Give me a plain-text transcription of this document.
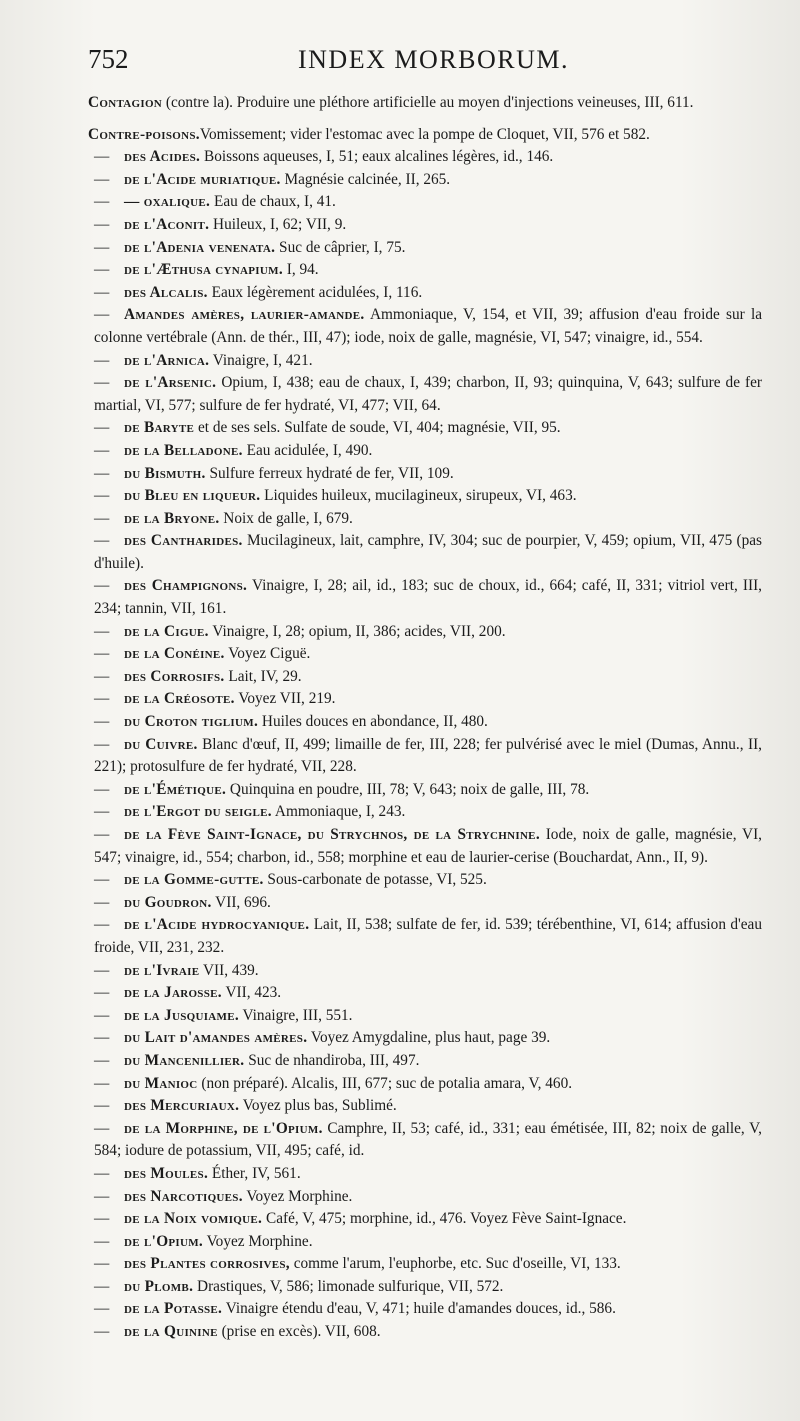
752	INDEX MORBORUM.

Contagion (contre la). Produire une pléthore artificielle au moyen d'injections veineuses, III, 611.

Contre-poisons.Vomissement; vider l'estomac avec la pompe de Cloquet, VII, 576 et 582.

— des Acides. Boissons aqueuses, I, 51; eaux alcalines légères, id., 146.

— de l'Acide muriatique. Magnésie calcinée, II, 265.

— — oxalique. Eau de chaux, I, 41.

— de l'Aconit. Huileux, I, 62; VII, 9.

— de l'Adenia venenata. Suc de câprier, I, 75.

— de l'Æthusa cynapium. I, 94.

— des Alcalis. Eaux légèrement acidulées, I, 116.

— Amandes amères, laurier-amande. Ammoniaque, V, 154, et VII, 39; affusion d'eau froide sur la colonne vertébrale (Ann. de thér., III, 47); iode, noix de galle, magnésie, VI, 547; vinaigre, id., 554.

— de l'Arnica. Vinaigre, I, 421.

— de l'Arsenic. Opium, I, 438; eau de chaux, I, 439; charbon, II, 93; quinquina, V, 643; sulfure de fer martial, VI, 577; sulfure de fer hydraté, VI, 477; VII, 64.

— de Baryte et de ses sels. Sulfate de soude, VI, 404; magnésie, VII, 95.

— de la Belladone. Eau acidulée, I, 490.

— du Bismuth. Sulfure ferreux hydraté de fer, VII, 109.

— du Bleu en liqueur. Liquides huileux, mucilagineux, sirupeux, VI, 463.

— de la Bryone. Noix de galle, I, 679.

— des Cantharides. Mucilagineux, lait, camphre, IV, 304; suc de pourpier, V, 459; opium, VII, 475 (pas d'huile).

— des Champignons. Vinaigre, I, 28; ail, id., 183; suc de choux, id., 664; café, II, 331; vitriol vert, III, 234; tannin, VII, 161.

— de la Cigue. Vinaigre, I, 28; opium, II, 386; acides, VII, 200.

— de la Conéine. Voyez Ciguë.

— des Corrosifs. Lait, IV, 29.

— de la Créosote. Voyez VII, 219.

— du Croton tiglium. Huiles douces en abondance, II, 480.

— du Cuivre. Blanc d'œuf, II, 499; limaille de fer, III, 228; fer pulvérisé avec le miel (Dumas, Annu., II, 221); protosulfure de fer hydraté, VII, 228.

— de l'Émétique. Quinquina en poudre, III, 78; V, 643; noix de galle, III, 78.

— de l'Ergot du seigle. Ammoniaque, I, 243.

— de la Fève Saint-Ignace, du Strychnos, de la Strychnine. Iode, noix de galle, magnésie, VI, 547; vinaigre, id., 554; charbon, id., 558; morphine et eau de laurier-cerise (Bouchardat, Ann., II, 9).

— de la Gomme-gutte. Sous-carbonate de potasse, VI, 525.

— du Goudron. VII, 696.

— de l'Acide hydrocyanique. Lait, II, 538; sulfate de fer, id. 539; térébenthine, VI, 614; affusion d'eau froide, VII, 231, 232.

— de l'Ivraie VII, 439.

— de la Jarosse. VII, 423.

— de la Jusquiame. Vinaigre, III, 551.

— du Lait d'amandes amères. Voyez Amygdaline, plus haut, page 39.

— du Mancenillier. Suc de nhandiroba, III, 497.

— du Manioc (non préparé). Alcalis, III, 677; suc de potalia amara, V, 460.

— des Mercuriaux. Voyez plus bas, Sublimé.

— de la Morphine, de l'Opium. Camphre, II, 53; café, id., 331; eau émétisée, III, 82; noix de galle, V, 584; iodure de potassium, VII, 495; café, id.

— des Moules. Éther, IV, 561.

— des Narcotiques. Voyez Morphine.

— de la Noix vomique. Café, V, 475; morphine, id., 476. Voyez Fève Saint-Ignace.

— de l'Opium. Voyez Morphine.

— des Plantes corrosives, comme l'arum, l'euphorbe, etc. Suc d'oseille, VI, 133.

— du Plomb. Drastiques, V, 586; limonade sulfurique, VII, 572.

— de la Potasse. Vinaigre étendu d'eau, V, 471; huile d'amandes douces, id., 586.

— de la Quinine (prise en excès). VII, 608.
